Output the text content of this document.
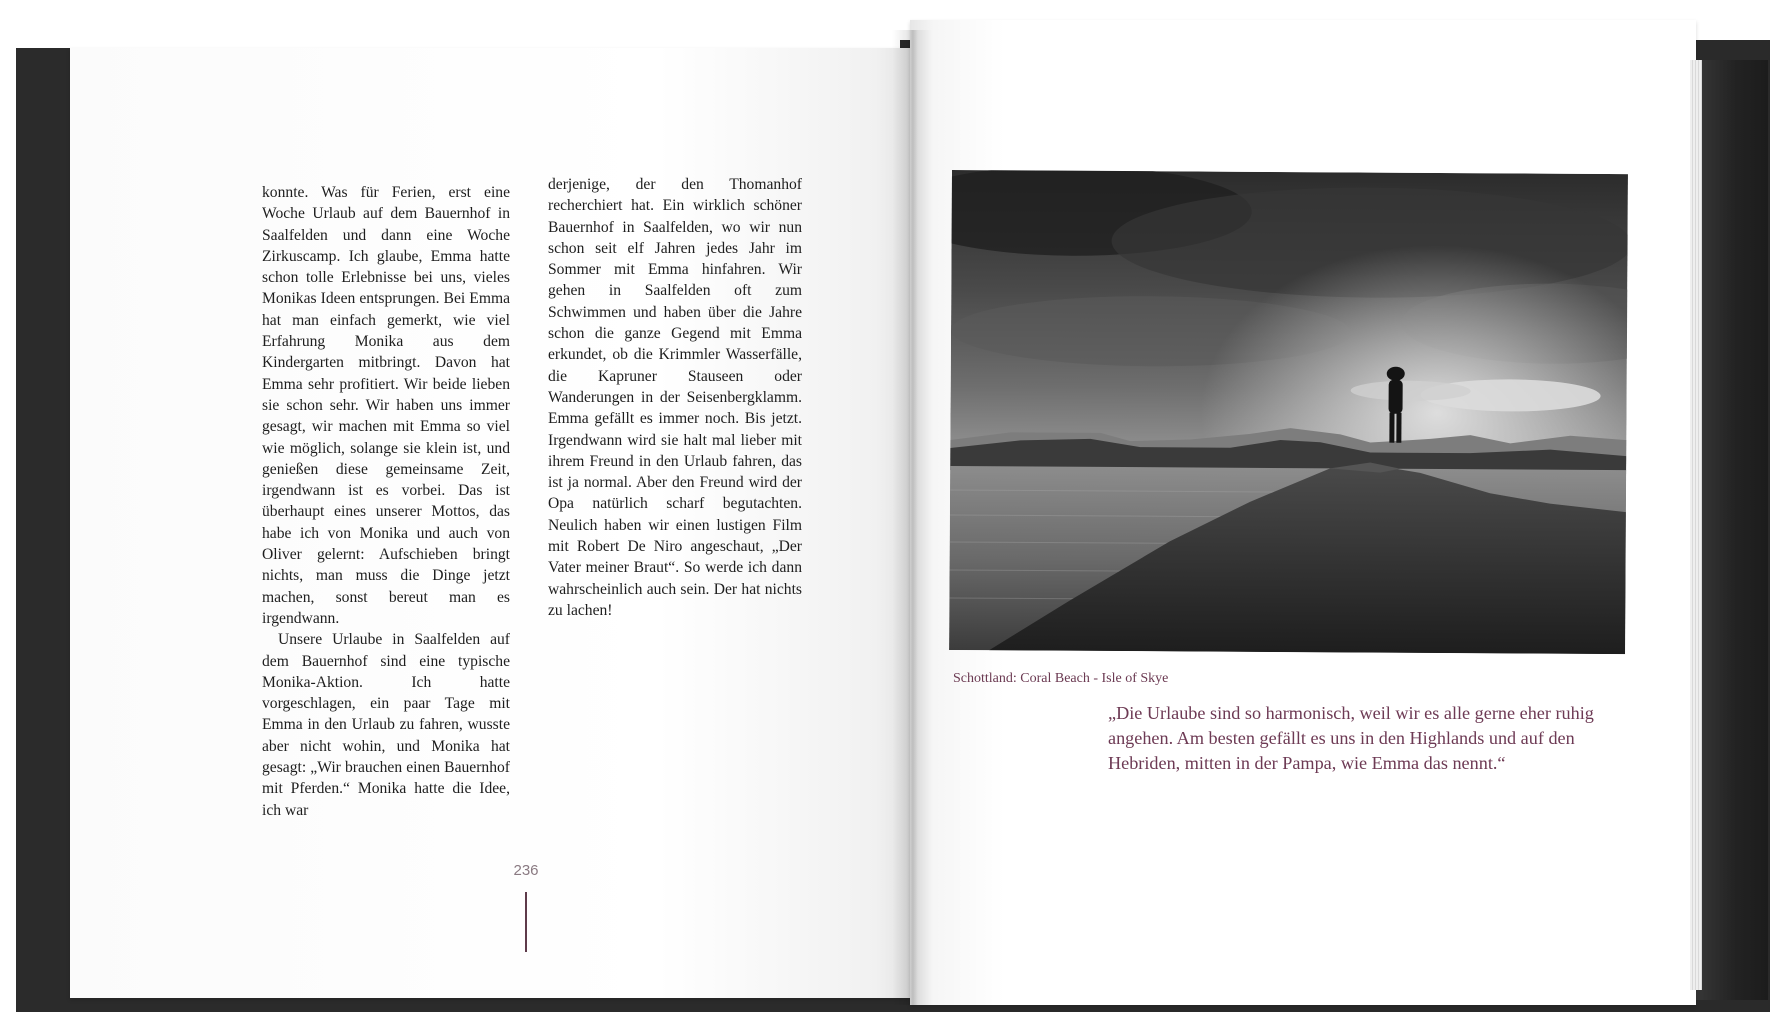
konnte. Was für Ferien, erst eine Woche Urlaub auf dem Bauernhof in Saalfelden und dann eine Woche Zirkuscamp. Ich glaube, Emma hatte schon tolle Erlebnisse bei uns, vieles Monikas Ideen entsprungen. Bei Emma hat man einfach gemerkt, wie viel Erfahrung Monika aus dem Kindergarten mitbringt. Davon hat Emma sehr profitiert. Wir beide lieben sie schon sehr. Wir haben uns immer gesagt, wir machen mit Emma so viel wie möglich, solange sie klein ist, und genießen diese gemeinsame Zeit, irgendwann ist es vorbei. Das ist überhaupt eines unserer Mottos, das habe ich von Monika und auch von Oliver gelernt: Aufschieben bringt nichts, man muss die Dinge jetzt machen, sonst bereut man es irgendwann.

Unsere Urlaube in Saalfelden auf dem Bauernhof sind eine typische Monika-Aktion. Ich hatte vorgeschlagen, ein paar Tage mit Emma in den Urlaub zu fahren, wusste aber nicht wohin, und Monika hat gesagt: „Wir brauchen einen Bauernhof mit Pferden.“ Monika hatte die Idee, ich war

derjenige, der den Thomanhof recherchiert hat. Ein wirklich schöner Bauernhof in Saalfelden, wo wir nun schon seit elf Jahren jedes Jahr im Sommer mit Emma hinfahren. Wir gehen in Saalfelden oft zum Schwimmen und haben über die Jahre schon die ganze Gegend mit Emma erkundet, ob die Krimmler Wasserfälle, die Kapruner Stauseen oder Wanderungen in der Seisenbergklamm. Emma gefällt es immer noch. Bis jetzt. Irgendwann wird sie halt mal lieber mit ihrem Freund in den Urlaub fahren, das ist ja normal. Aber den Freund wird der Opa natürlich scharf begutachten. Neulich haben wir einen lustigen Film mit Robert De Niro angeschaut, „Der Vater meiner Braut“. So werde ich dann wahrscheinlich auch sein. Der hat nichts zu lachen!

236
Schottland: Coral Beach - Isle of Skye
„Die Urlaube sind so harmonisch, weil wir es alle gerne eher ruhig angehen. Am besten gefällt es uns in den Highlands und auf den Hebriden, mitten in der Pampa, wie Emma das nennt.“
